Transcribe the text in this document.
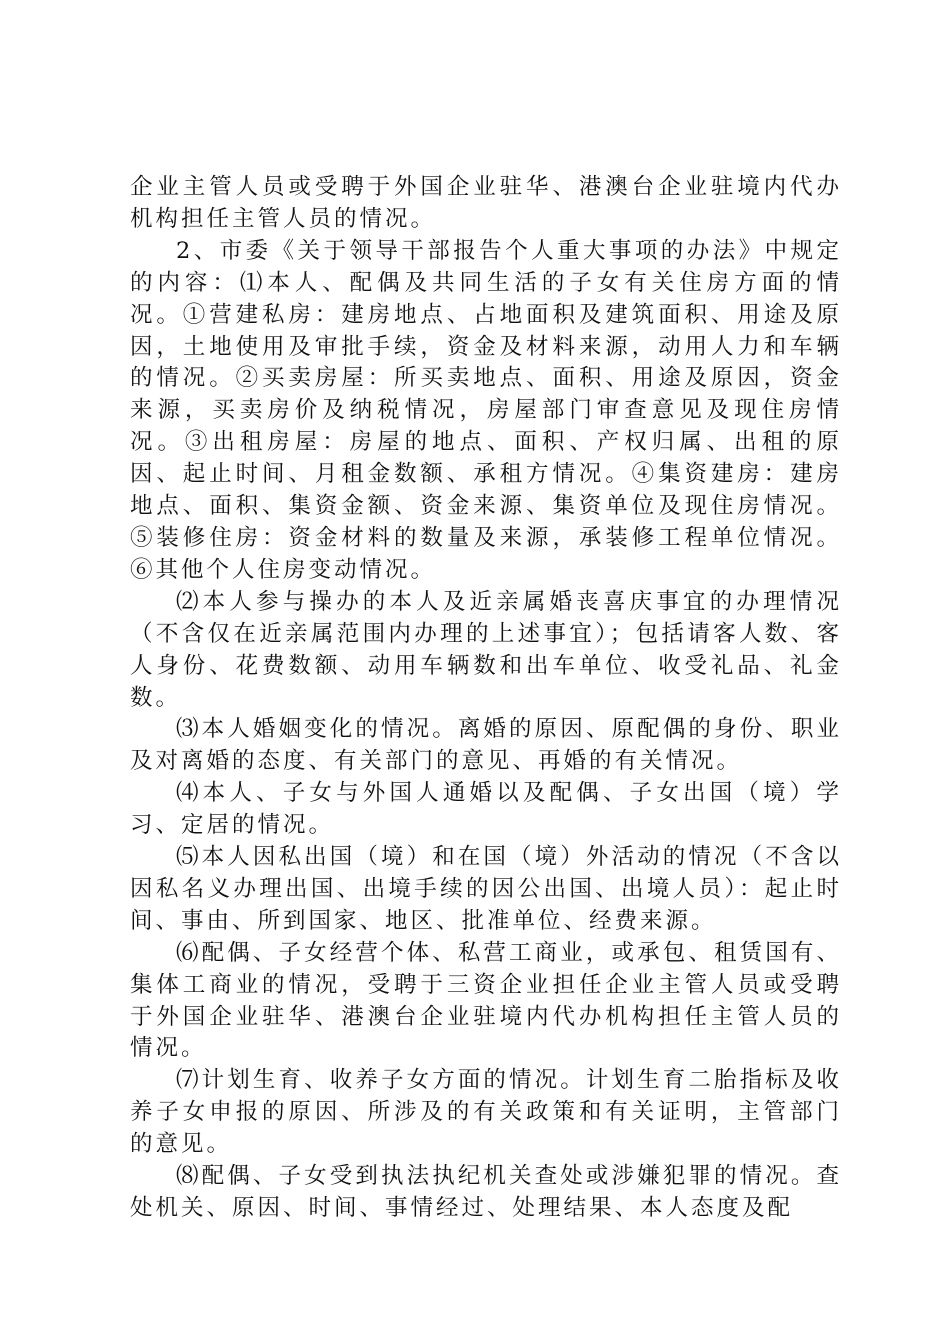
企业主管人员或受聘于外国企业驻华、港澳台企业驻境内代办机构担任主管人员的情况。

2、市委《关于领导干部报告个人重大事项的办法》中规定的内容：⑴本人、配偶及共同生活的子女有关住房方面的情况。①营建私房：建房地点、占地面积及建筑面积、用途及原因，土地使用及审批手续，资金及材料来源，动用人力和车辆的情况。②买卖房屋：所买卖地点、面积、用途及原因，资金来源，买卖房价及纳税情况，房屋部门审查意见及现住房情况。③出租房屋：房屋的地点、面积、产权归属、出租的原因、起止时间、月租金数额、承租方情况。④集资建房：建房地点、面积、集资金额、资金来源、集资单位及现住房情况。⑤装修住房：资金材料的数量及来源，承装修工程单位情况。⑥其他个人住房变动情况。

⑵本人参与操办的本人及近亲属婚丧喜庆事宜的办理情况（不含仅在近亲属范围内办理的上述事宜）；包括请客人数、客人身份、花费数额、动用车辆数和出车单位、收受礼品、礼金数。

⑶本人婚姻变化的情况。离婚的原因、原配偶的身份、职业及对离婚的态度、有关部门的意见、再婚的有关情况。

⑷本人、子女与外国人通婚以及配偶、子女出国（境）学习、定居的情况。

⑸本人因私出国（境）和在国（境）外活动的情况（不含以因私名义办理出国、出境手续的因公出国、出境人员）：起止时间、事由、所到国家、地区、批准单位、经费来源。

⑹配偶、子女经营个体、私营工商业，或承包、租赁国有、集体工商业的情况，受聘于三资企业担任企业主管人员或受聘于外国企业驻华、港澳台企业驻境内代办机构担任主管人员的情况。

⑺计划生育、收养子女方面的情况。计划生育二胎指标及收养子女申报的原因、所涉及的有关政策和有关证明，主管部门的意见。

⑻配偶、子女受到执法执纪机关查处或涉嫌犯罪的情况。查处机关、原因、时间、事情经过、处理结果、本人态度及配
